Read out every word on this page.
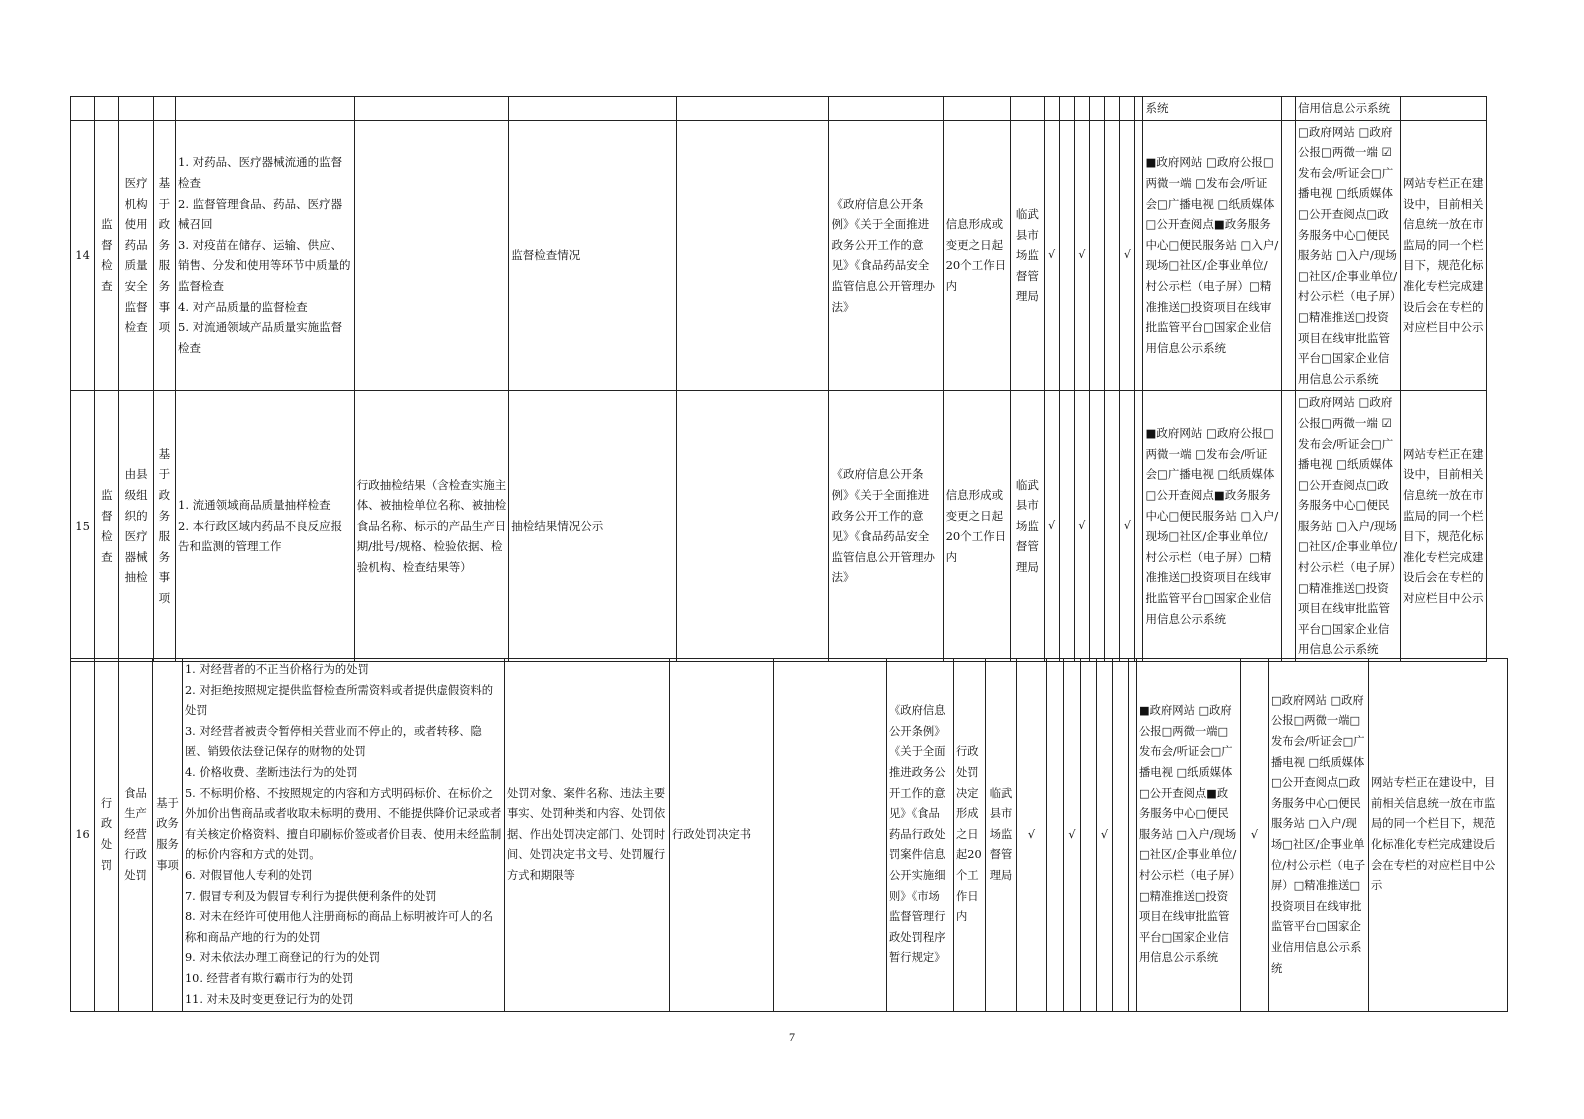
																		系统		信用信息公示系统	
14	监督检查	医疗机构使用药品质量安全监督检查	基于政务服务事项	1. 对药品、医疗器械流通的监督检查
2. 监督管理食品、药品、医疗器械召回
3. 对疫苗在储存、运输、供应、销售、分发和使用等环节中质量的监督检查
4. 对产品质量的监督检查
5. 对流通领域产品质量实施监督检查		监督检查情况		《政府信息公开条例》《关于全面推进政务公开工作的意见》《食品药品安全监管信息公开管理办法》	信息形成或变更之日起20个工作日内	临武县市场监督管理局	√		√			√		■政府网站 □政府公报□两微一端 □发布会/听证会□广播电视 □纸质媒体□公开查阅点■政务服务中心□便民服务站 □入户/现场□社区/企事业单位/村公示栏（电子屏）□精准推送□投资项目在线审批监管平台□国家企业信用信息公示系统		□政府网站 □政府公报□两微一端 ☑发布会/听证会□广播电视 □纸质媒体□公开查阅点□政务服务中心□便民服务站 □入户/现场□社区/企事业单位/村公示栏（电子屏）□精准推送□投资项目在线审批监管平台□国家企业信用信息公示系统	网站专栏正在建设中，目前相关信息统一放在市监局的同一个栏目下，规范化标准化专栏完成建设后会在专栏的对应栏目中公示
15	监督检查	由县级组织的医疗器械抽检	基于政务服务事项	1. 流通领域商品质量抽样检查
2. 本行政区域内药品不良反应报告和监测的管理工作	行政抽检结果（含检查实施主体、被抽检单位名称、被抽检食品名称、标示的产品生产日期/批号/规格、检验依据、检验机构、检查结果等）	抽检结果情况公示		《政府信息公开条例》《关于全面推进政务公开工作的意见》《食品药品安全监管信息公开管理办法》	信息形成或变更之日起20个工作日内	临武县市场监督管理局	√		√			√		■政府网站 □政府公报□两微一端 □发布会/听证会□广播电视 □纸质媒体□公开查阅点■政务服务中心□便民服务站 □入户/现场□社区/企事业单位/村公示栏（电子屏）□精准推送□投资项目在线审批监管平台□国家企业信用信息公示系统		□政府网站 □政府公报□两微一端 ☑发布会/听证会□广播电视 □纸质媒体□公开查阅点□政务服务中心□便民服务站 □入户/现场□社区/企事业单位/村公示栏（电子屏）□精准推送□投资项目在线审批监管平台□国家企业信用信息公示系统	网站专栏正在建设中，目前相关信息统一放在市监局的同一个栏目下，规范化标准化专栏完成建设后会在专栏的对应栏目中公示
16	行政处罚	食品生产经营行政处罚	基于政务服务事项	1. 对经营者的不正当价格行为的处罚
2. 对拒绝按照规定提供监督检查所需资料或者提供虚假资料的处罚
3. 对经营者被责令暂停相关营业而不停止的，或者转移、隐匿、销毁依法登记保存的财物的处罚
4. 价格收费、垄断违法行为的处罚
5. 不标明价格、不按照规定的内容和方式明码标价、在标价之外加价出售商品或者收取未标明的费用、不能提供降价记录或者有关核定价格资料、擅自印刷标价签或者价目表、使用未经监制的标价内容和方式的处罚。
6. 对假冒他人专利的处罚
7. 假冒专利及为假冒专利行为提供便利条件的处罚
8. 对未在经许可使用他人注册商标的商品上标明被许可人的名称和商品产地的行为的处罚
9. 对未依法办理工商登记的行为的处罚
10. 经营者有欺行霸市行为的处罚
11. 对未及时变更登记行为的处罚	处罚对象、案件名称、违法主要事实、处罚种类和内容、处罚依据、作出处罚决定部门、处罚时间、处罚决定书文号、处罚履行方式和期限等	行政处罚决定书		《政府信息公开条例》《关于全面推进政务公开工作的意见》《食品药品行政处罚案件信息公开实施细则》《市场监督管理行政处罚程序暂行规定》	行政处罚决定形成之日起20个工作日内	临武县市场监督管理局	√		√		√			■政府网站 □政府公报□两微一端□发布会/听证会□广播电视 □纸质媒体□公开查阅点■政务服务中心□便民服务站 □入户/现场□社区/企事业单位/村公示栏（电子屏）□精准推送□投资项目在线审批监管平台□国家企业信用信息公示系统	√	□政府网站 □政府公报□两微一端□发布会/听证会□广播电视 □纸质媒体□公开查阅点□政务服务中心□便民服务站 □入户/现场□社区/企事业单位/村公示栏（电子屏）□精准推送□投资项目在线审批监管平台□国家企业信用信息公示系统	网站专栏正在建设中，目前相关信息统一放在市监局的同一个栏目下，规范化标准化专栏完成建设后会在专栏的对应栏目中公示
7
